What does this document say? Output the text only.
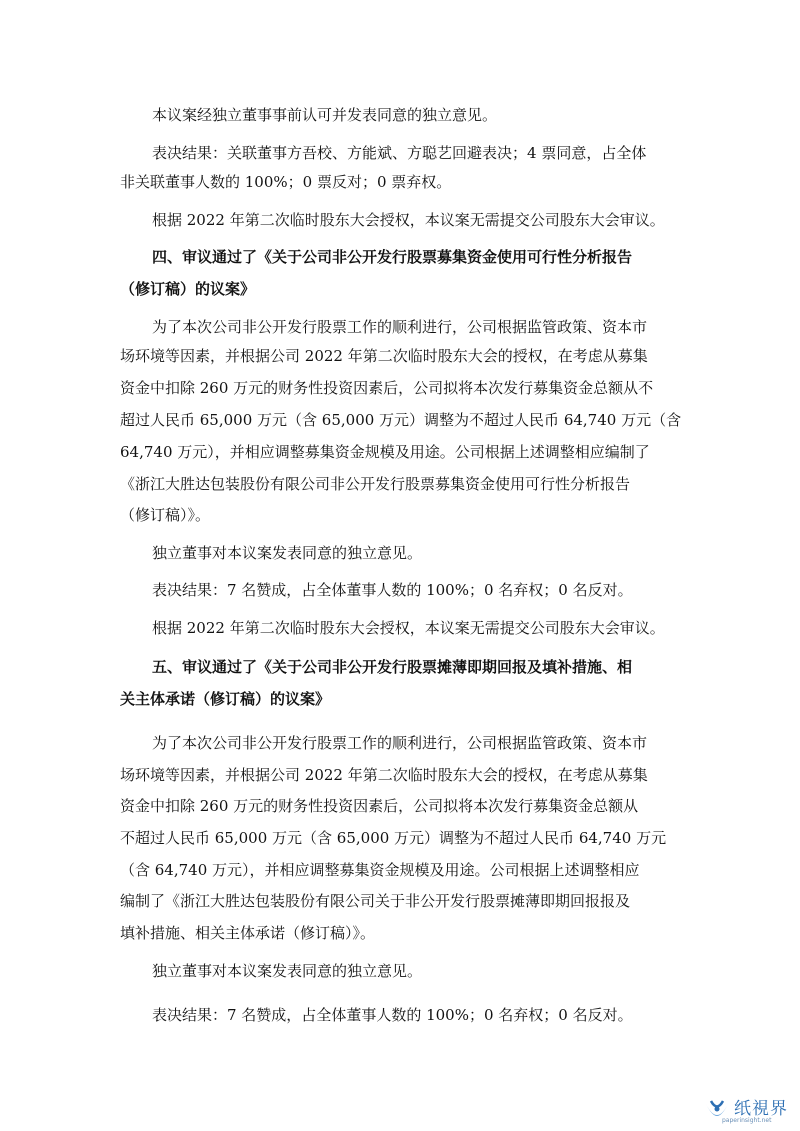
本议案经独立董事事前认可并发表同意的独立意见。
表决结果：关联董事方吾校、方能斌、方聪艺回避表决；4 票同意，占全体
非关联董事人数的 100%；0 票反对；0 票弃权。
根据 2022 年第二次临时股东大会授权，本议案无需提交公司股东大会审议。
四、审议通过了《关于公司非公开发行股票募集资金使用可行性分析报告
（修订稿）的议案》
为了本次公司非公开发行股票工作的顺利进行，公司根据监管政策、资本市
场环境等因素，并根据公司 2022 年第二次临时股东大会的授权，在考虑从募集
资金中扣除 260 万元的财务性投资因素后，公司拟将本次发行募集资金总额从不
超过人民币 65,000 万元（含 65,000 万元）调整为不超过人民币 64,740 万元（含
64,740 万元），并相应调整募集资金规模及用途。公司根据上述调整相应编制了
《浙江大胜达包装股份有限公司非公开发行股票募集资金使用可行性分析报告
（修订稿）》。
独立董事对本议案发表同意的独立意见。
表决结果：7 名赞成，占全体董事人数的 100%；0 名弃权；0 名反对。
根据 2022 年第二次临时股东大会授权，本议案无需提交公司股东大会审议。
五、审议通过了《关于公司非公开发行股票摊薄即期回报及填补措施、相
关主体承诺（修订稿）的议案》
为了本次公司非公开发行股票工作的顺利进行，公司根据监管政策、资本市
场环境等因素，并根据公司 2022 年第二次临时股东大会的授权，在考虑从募集
资金中扣除 260 万元的财务性投资因素后，公司拟将本次发行募集资金总额从
不超过人民币 65,000 万元（含 65,000 万元）调整为不超过人民币 64,740 万元
（含 64,740 万元），并相应调整募集资金规模及用途。公司根据上述调整相应
编制了《浙江大胜达包装股份有限公司关于非公开发行股票摊薄即期回报报及
填补措施、相关主体承诺（修订稿）》。
独立董事对本议案发表同意的独立意见。
表决结果：7 名赞成，占全体董事人数的 100%；0 名弃权；0 名反对。
纸視界
paperinsight.net
